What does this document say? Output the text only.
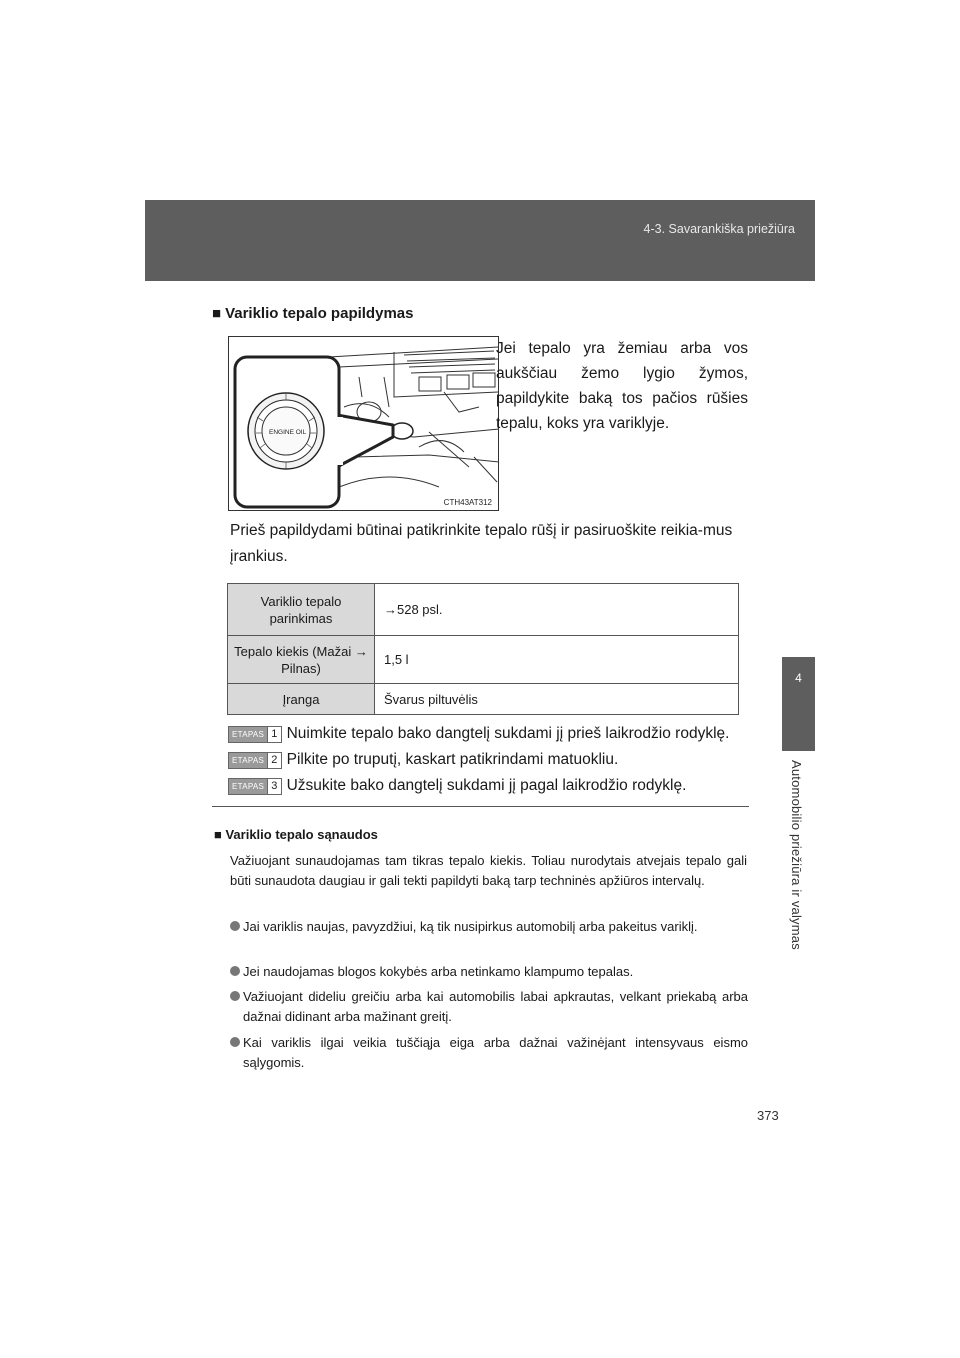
4-3. Savarankiška priežiūra
4
Automobilio priežiūra ir valymas
■ Variklio tepalo papildymas
ENGINE OIL
CTH43AT312
Jei tepalo yra žemiau arba vos aukščiau žemo lygio žymos, papildykite baką tos pačios rūšies tepalu, koks yra variklyje.
Prieš papildydami būtinai patikrinkite tepalo rūšį ir pasiruoškite reikia-mus įrankius.
Variklio tepalo parinkimas	→528 psl.
Tepalo kiekis (Mažai → Pilnas)	1,5 l
Įranga	Švarus piltuvėlis
ETAPAS 1 Nuimkite tepalo bako dangtelį sukdami jį prieš laikrodžio rodyklę.
ETAPAS 2 Pilkite po truputį, kaskart patikrindami matuokliu.
ETAPAS 3 Užsukite bako dangtelį sukdami jį pagal laikrodžio rodyklę.
■ Variklio tepalo sąnaudos
Važiuojant sunaudojamas tam tikras tepalo kiekis. Toliau nurodytais atvejais tepalo gali būti sunaudota daugiau ir gali tekti papildyti baką tarp techninės apžiūros intervalų.
Jai variklis naujas, pavyzdžiui, ką tik nusipirkus automobilį arba pakeitus variklį.
Jei naudojamas blogos kokybės arba netinkamo klampumo tepalas.
Važiuojant dideliu greičiu arba kai automobilis labai apkrautas, velkant priekabą arba dažnai didinant arba mažinant greitį.
Kai variklis ilgai veikia tuščiąja eiga arba dažnai važinėjant intensyvaus eismo sąlygomis.
373
